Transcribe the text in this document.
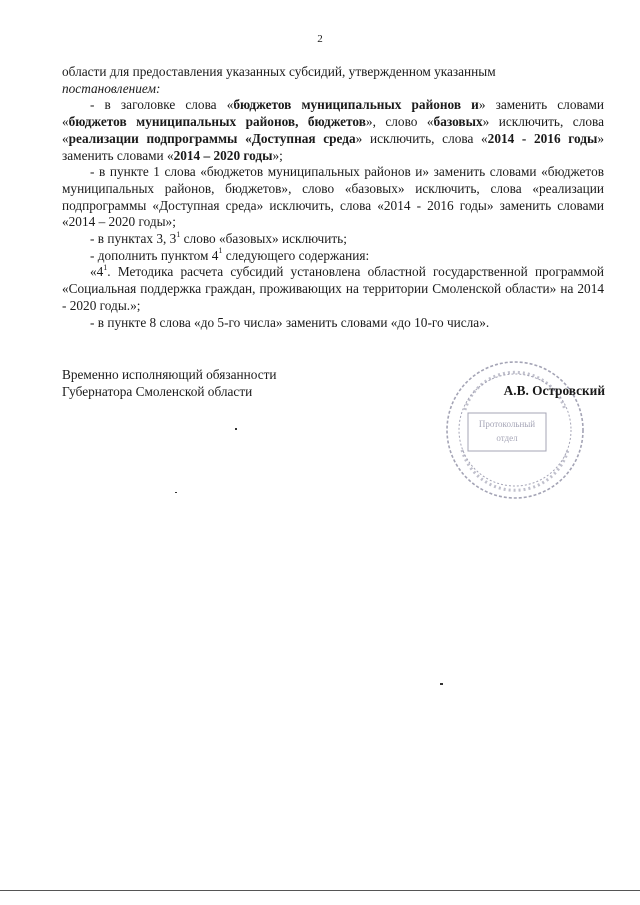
2

области для предоставления указанных субсидий, утвержденном указанным

постановлением:

- в заголовке слова «бюджетов муниципальных районов и» заменить словами «бюджетов муниципальных районов, бюджетов», слово «базовых» исключить, слова «реализации подпрограммы «Доступная среда» исключить, слова «2014 - 2016 годы» заменить словами «2014 – 2020 годы»;

- в пункте 1 слова «бюджетов муниципальных районов и» заменить словами «бюджетов муниципальных районов, бюджетов», слово «базовых» исключить, слова «реализации подпрограммы «Доступная среда» исключить, слова «2014 - 2016 годы» заменить словами «2014 – 2020 годы»;

- в пунктах 3, $3^1$ слово «базовых» исключить;

- дополнить пунктом $4^1$ следующего содержания:

«$4^1$. Методика расчета субсидий установлена областной государственной программой «Социальная поддержка граждан, проживающих на территории Смоленской области» на 2014 - 2020 годы.»;

- в пункте 8 слова «до 5-го числа» заменить словами «до 10-го числа».

Временно исполняющий обязанности
Губернатора Смоленской области
Протокольный
отдел
А.В. Островский
